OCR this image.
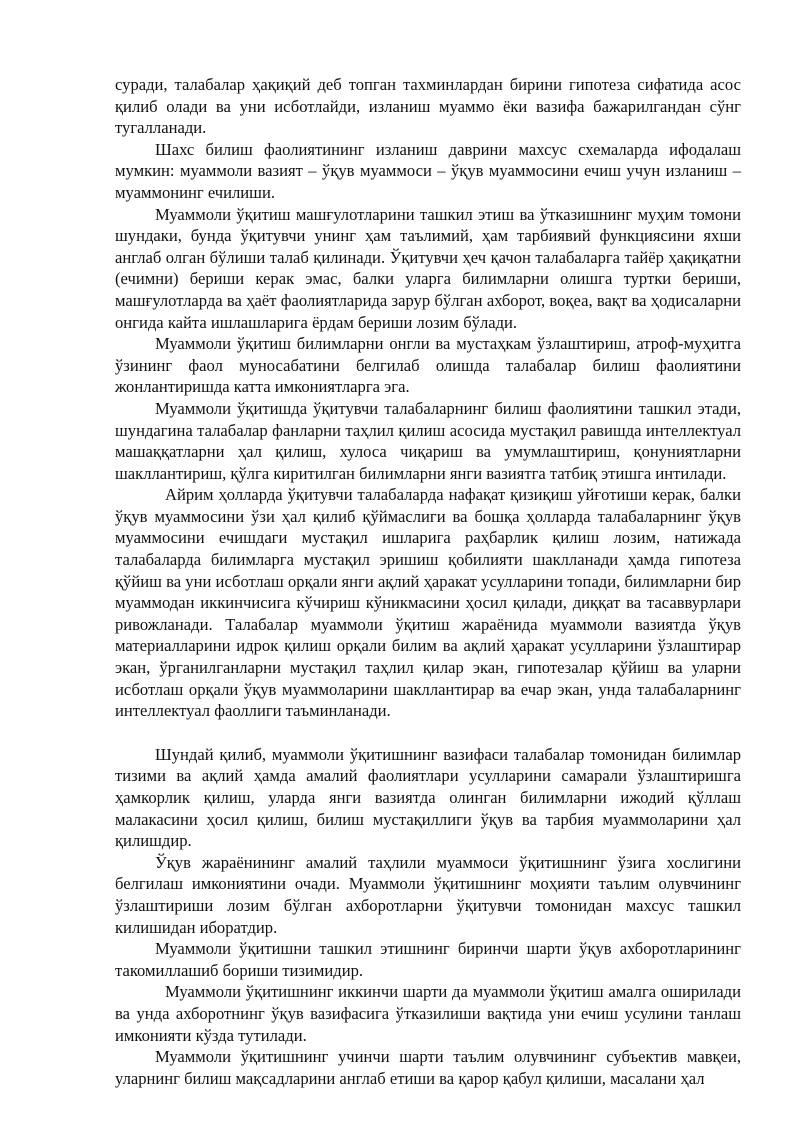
суради, талабалар ҳақиқий деб топган тахминлардан бирини гипотеза сифатида асос қилиб олади ва уни исботлайди, изланиш муаммо ёки вазифа бажарилгандан сўнг тугалланади.

Шахс билиш фаолиятининг изланиш даврини махсус схемаларда ифодалаш мумкин: муаммоли вазият – ўқув муаммоси – ўқув муаммосини ечиш учун изланиш – муаммонинг ечилиши.

Муаммоли ўқитиш машғулотларини ташкил этиш ва ўтказишнинг муҳим томони шундаки, бунда ўқитувчи унинг ҳам таълимий, ҳам тарбиявий функциясини яхши англаб олган бўлиши талаб қилинади. Ўқитувчи ҳеч қачон талабаларга тайёр ҳақиқатни (ечимни) бериши керак эмас, балки уларга билимларни олишга туртки бериши, машғулотларда ва ҳаёт фаолиятларида зарур бўлган ахборот, воқеа, вақт ва ҳодисаларни онгида кайта ишлашларига ёрдам бериши лозим бўлади.

Муаммоли ўқитиш билимларни онгли ва мустаҳкам ўзлаштириш, атроф-муҳитга ўзининг фаол муносабатини белгилаб олишда талабалар билиш фаолиятини жонлантиришда катта имкониятларга эга.

Муаммоли ўқитишда ўқитувчи талабаларнинг билиш фаолиятини ташкил этади, шундагина талабалар фанларни таҳлил қилиш асосида мустақил равишда интеллектуал машаққатларни ҳал қилиш, хулоса чиқариш ва умумлаштириш, қонуниятларни шакллантириш, қўлга киритилган билимларни янги вазиятга татбиқ этишга интилади.

Айрим ҳолларда ўқитувчи талабаларда нафақат қизиқиш уйғотиши керак, балки ўқув муаммосини ўзи ҳал қилиб қўймаслиги ва бошқа ҳолларда талабаларнинг ўқув муаммосини ечишдаги мустақил ишларига раҳбарлик қилиш лозим, натижада талабаларда билимларга мустақил эришиш қобилияти шаклланади ҳамда гипотеза қўйиш ва уни исботлаш орқали янги ақлий ҳаракат усулларини топади, билимларни бир муаммодан иккинчисига кўчириш кўникмасини ҳосил қилади, диққат ва тасаввурлари ривожланади. Талабалар муаммоли ўқитиш жараёнида муаммоли вазиятда ўқув материалларини идрок қилиш орқали билим ва ақлий ҳаракат усулларини ўзлаштирар экан, ўрганилганларни мустақил таҳлил қилар экан, гипотезалар қўйиш ва уларни исботлаш орқали ўқув муаммоларини шакллантирар ва ечар экан, унда талабаларнинг интеллектуал фаоллиги таъминланади.

Шундай қилиб, муаммоли ўқитишнинг вазифаси талабалар томонидан билимлар тизими ва ақлий ҳамда амалий фаолиятлари усулларини самарали ўзлаштиришга ҳамкорлик қилиш, уларда янги вазиятда олинган билимларни ижодий қўллаш малакасини ҳосил қилиш, билиш мустақиллиги ўқув ва тарбия муаммоларини ҳал қилишдир.

Ўқув жараёнининг амалий таҳлили муаммоси ўқитишнинг ўзига хослигини белгилаш имкониятини очади. Муаммоли ўқитишнинг моҳияти таълим олувчининг ўзлаштириши лозим бўлган ахборотларни ўқитувчи томонидан махсус ташкил килишидан иборатдир.

Муаммоли ўқитишни ташкил этишнинг биринчи шарти ўқув ахборотларининг такомиллашиб бориши тизимидир.

Муаммоли ўқитишнинг иккинчи шарти да муаммоли ўқитиш амалга оширилади ва унда ахборотнинг ўқув вазифасига ўтказилиши вақтида уни ечиш усулини танлаш имконияти кўзда тутилади.

Муаммоли ўқитишнинг учинчи шарти таълим олувчининг субъектив мавқеи, уларнинг билиш мақсадларини англаб етиши ва қарор қабул қилиши, масалани ҳал
